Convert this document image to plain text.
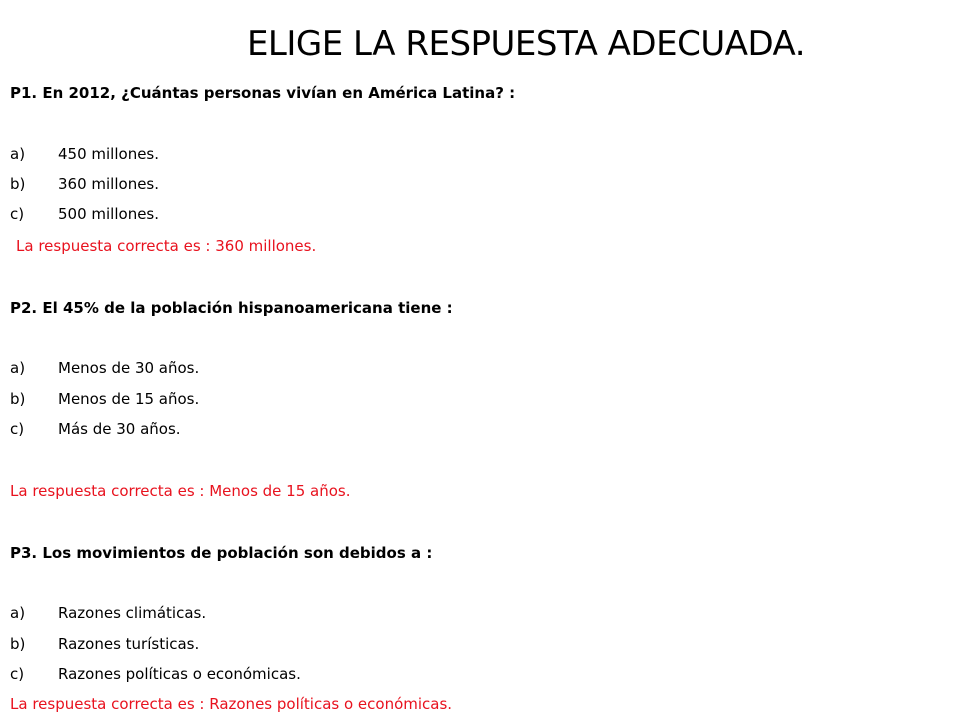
ELIGE LA RESPUESTA ADECUADA.
P1. En 2012, ¿Cuántas personas vivían en América Latina? :
a) 450 millones.
b) 360 millones.
c) 500 millones.
La respuesta correcta es : 360 millones.
P2. El 45% de la población hispanoamericana tiene :
a) Menos de 30 años.
b) Menos de 15 años.
c) Más de 30 años.
La respuesta correcta es : Menos de 15 años.
P3. Los movimientos de población son debidos a :
a) Razones climáticas.
b) Razones turísticas.
c) Razones políticas o económicas.
La respuesta correcta es : Razones políticas o económicas.
